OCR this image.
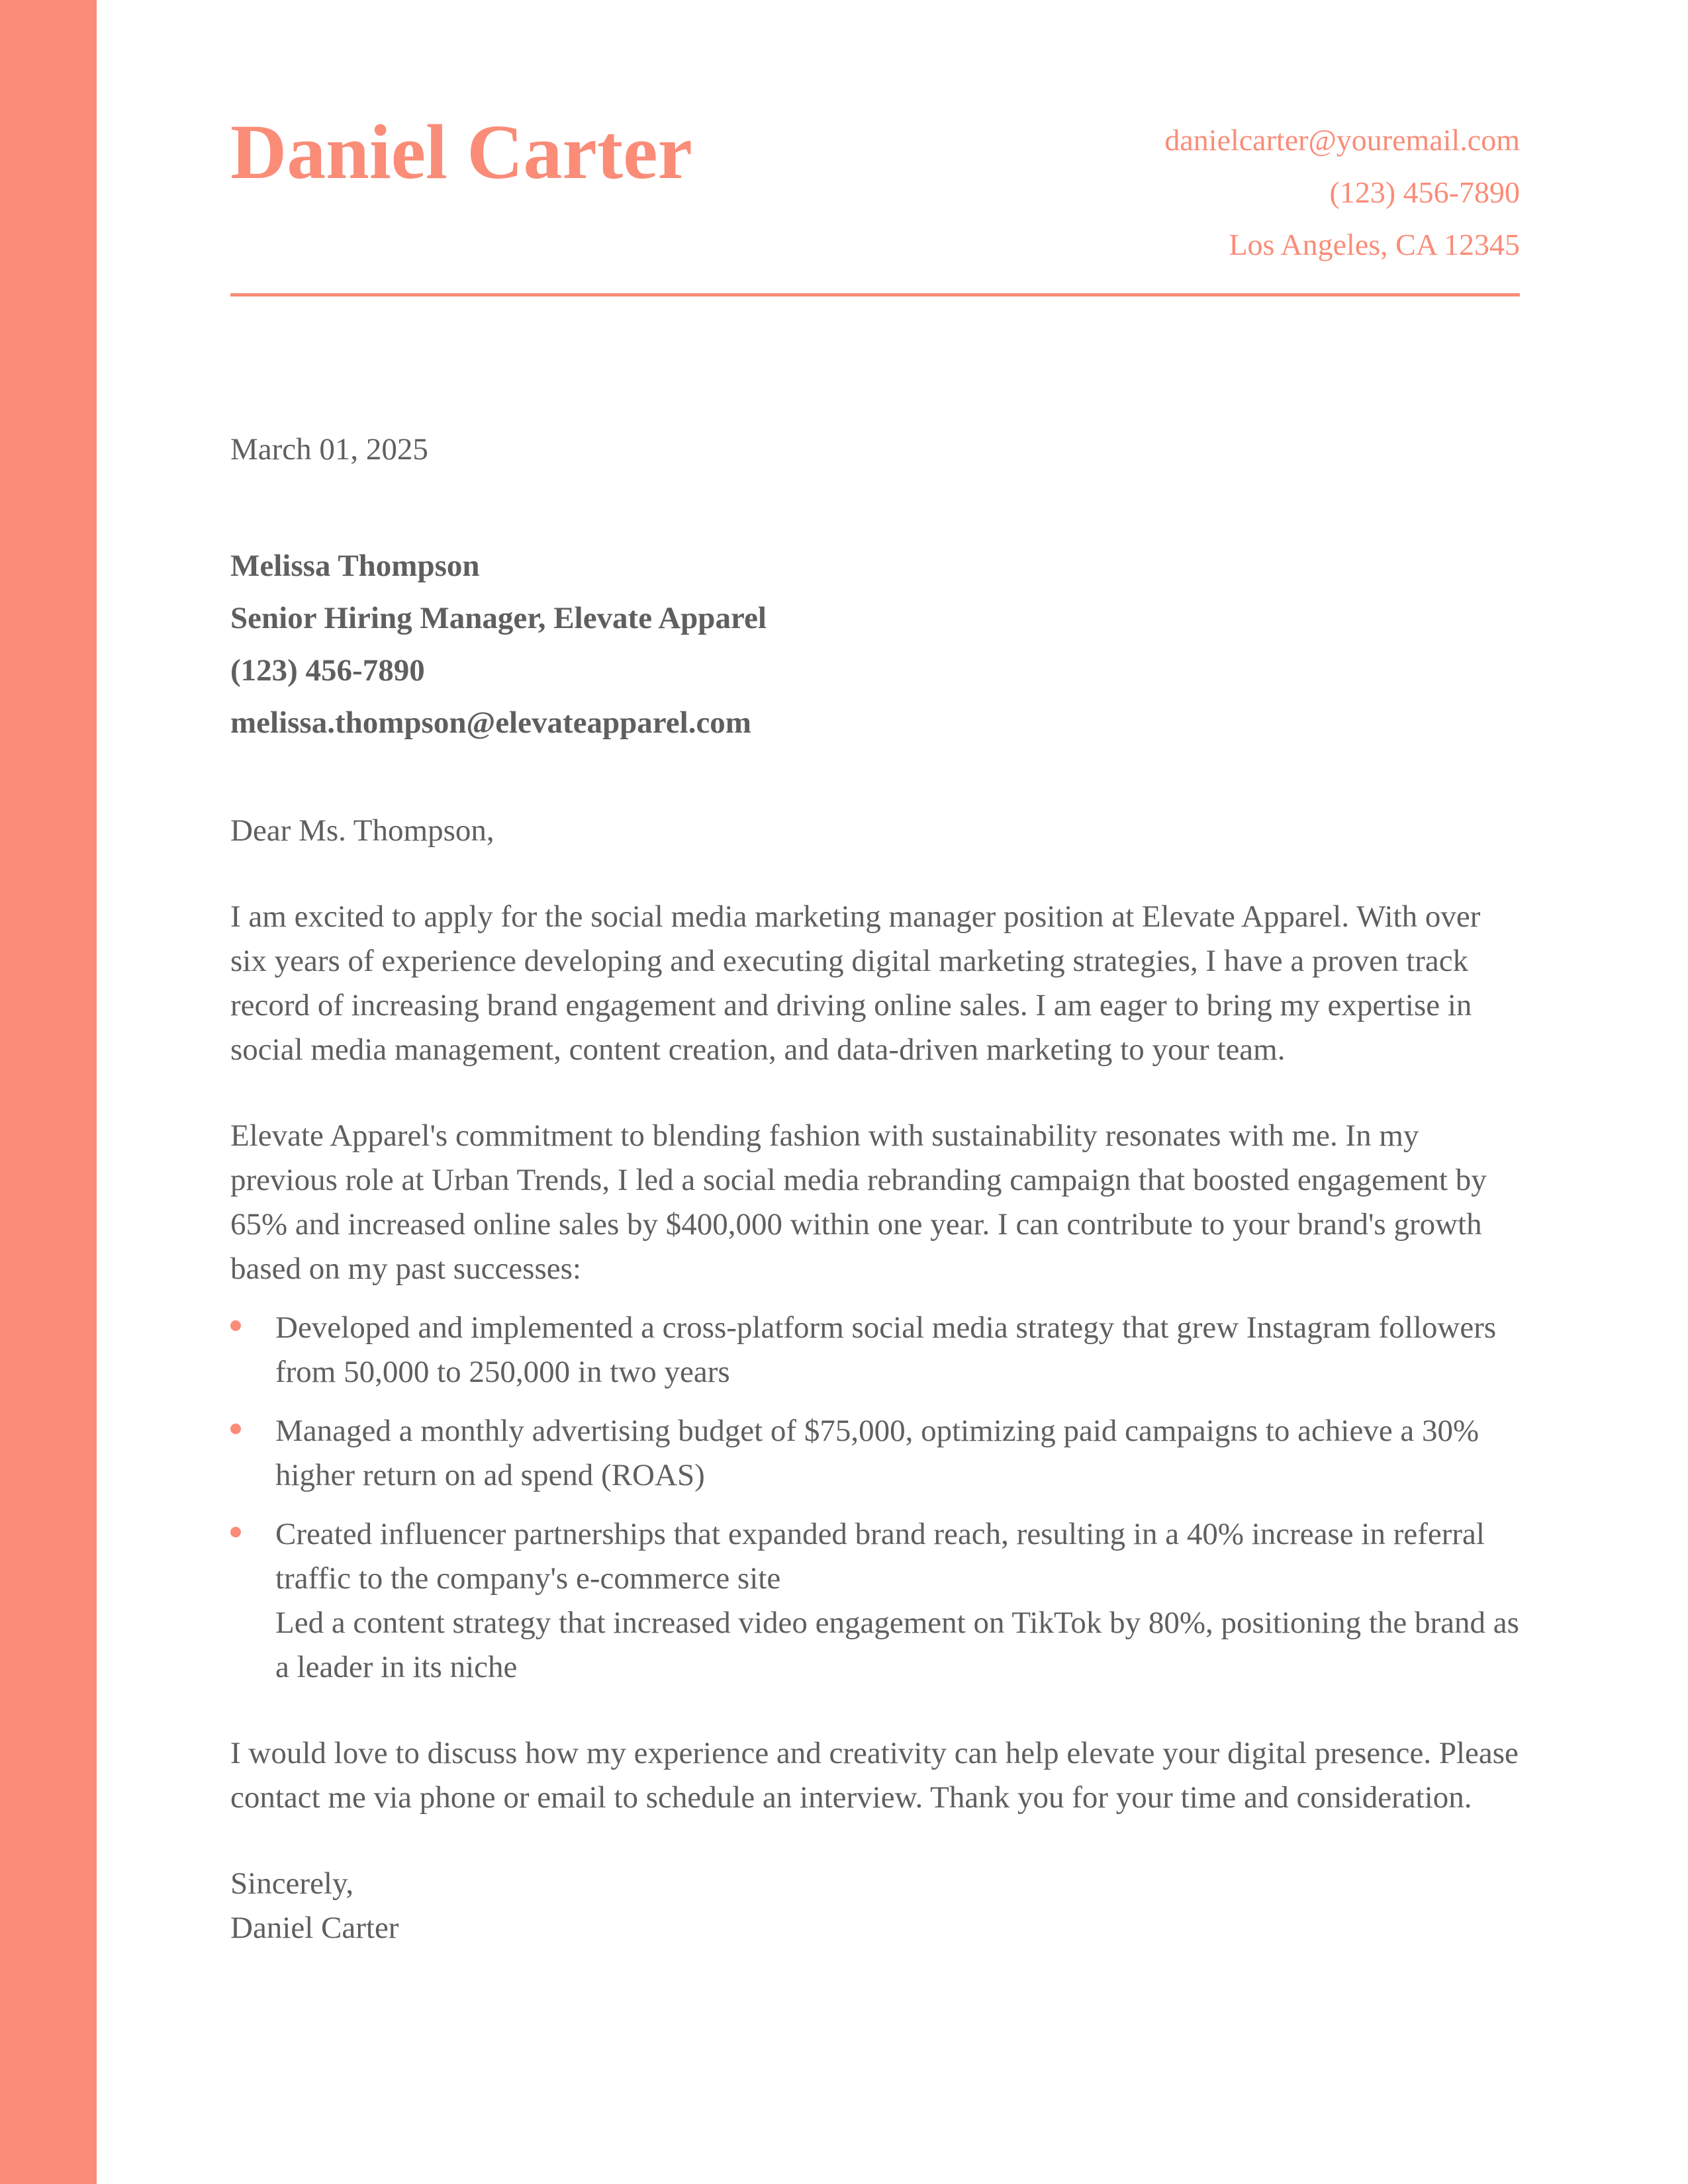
Daniel Carter	danielcarter@youremail.com
(123) 456-7890
Los Angeles, CA 12345
March 01, 2025
Melissa Thompson
Senior Hiring Manager, Elevate Apparel
(123) 456-7890
melissa.thompson@elevateapparel.com

Dear Ms. Thompson,

I am excited to apply for the social media marketing manager position at Elevate Apparel. With over six years of experience developing and executing digital marketing strategies, I have a proven track record of increasing brand engagement and driving online sales. I am eager to bring my expertise in social media management, content creation, and data-driven marketing to your team.

Elevate Apparel's commitment to blending fashion with sustainability resonates with me. In my previous role at Urban Trends, I led a social media rebranding campaign that boosted engagement by 65% and increased online sales by $400,000 within one year. I can contribute to your brand's growth based on my past successes:

Developed and implemented a cross-platform social media strategy that grew Instagram followers from 50,000 to 250,000 in two years
Managed a monthly advertising budget of $75,000, optimizing paid campaigns to achieve a 30% higher return on ad spend (ROAS)
Created influencer partnerships that expanded brand reach, resulting in a 40% increase in referral traffic to the company's e-commerce site
Led a content strategy that increased video engagement on TikTok by 80%, positioning the brand as a leader in its niche

I would love to discuss how my experience and creativity can help elevate your digital presence. Please contact me via phone or email to schedule an interview. Thank you for your time and consideration.

Sincerely,

Daniel Carter
